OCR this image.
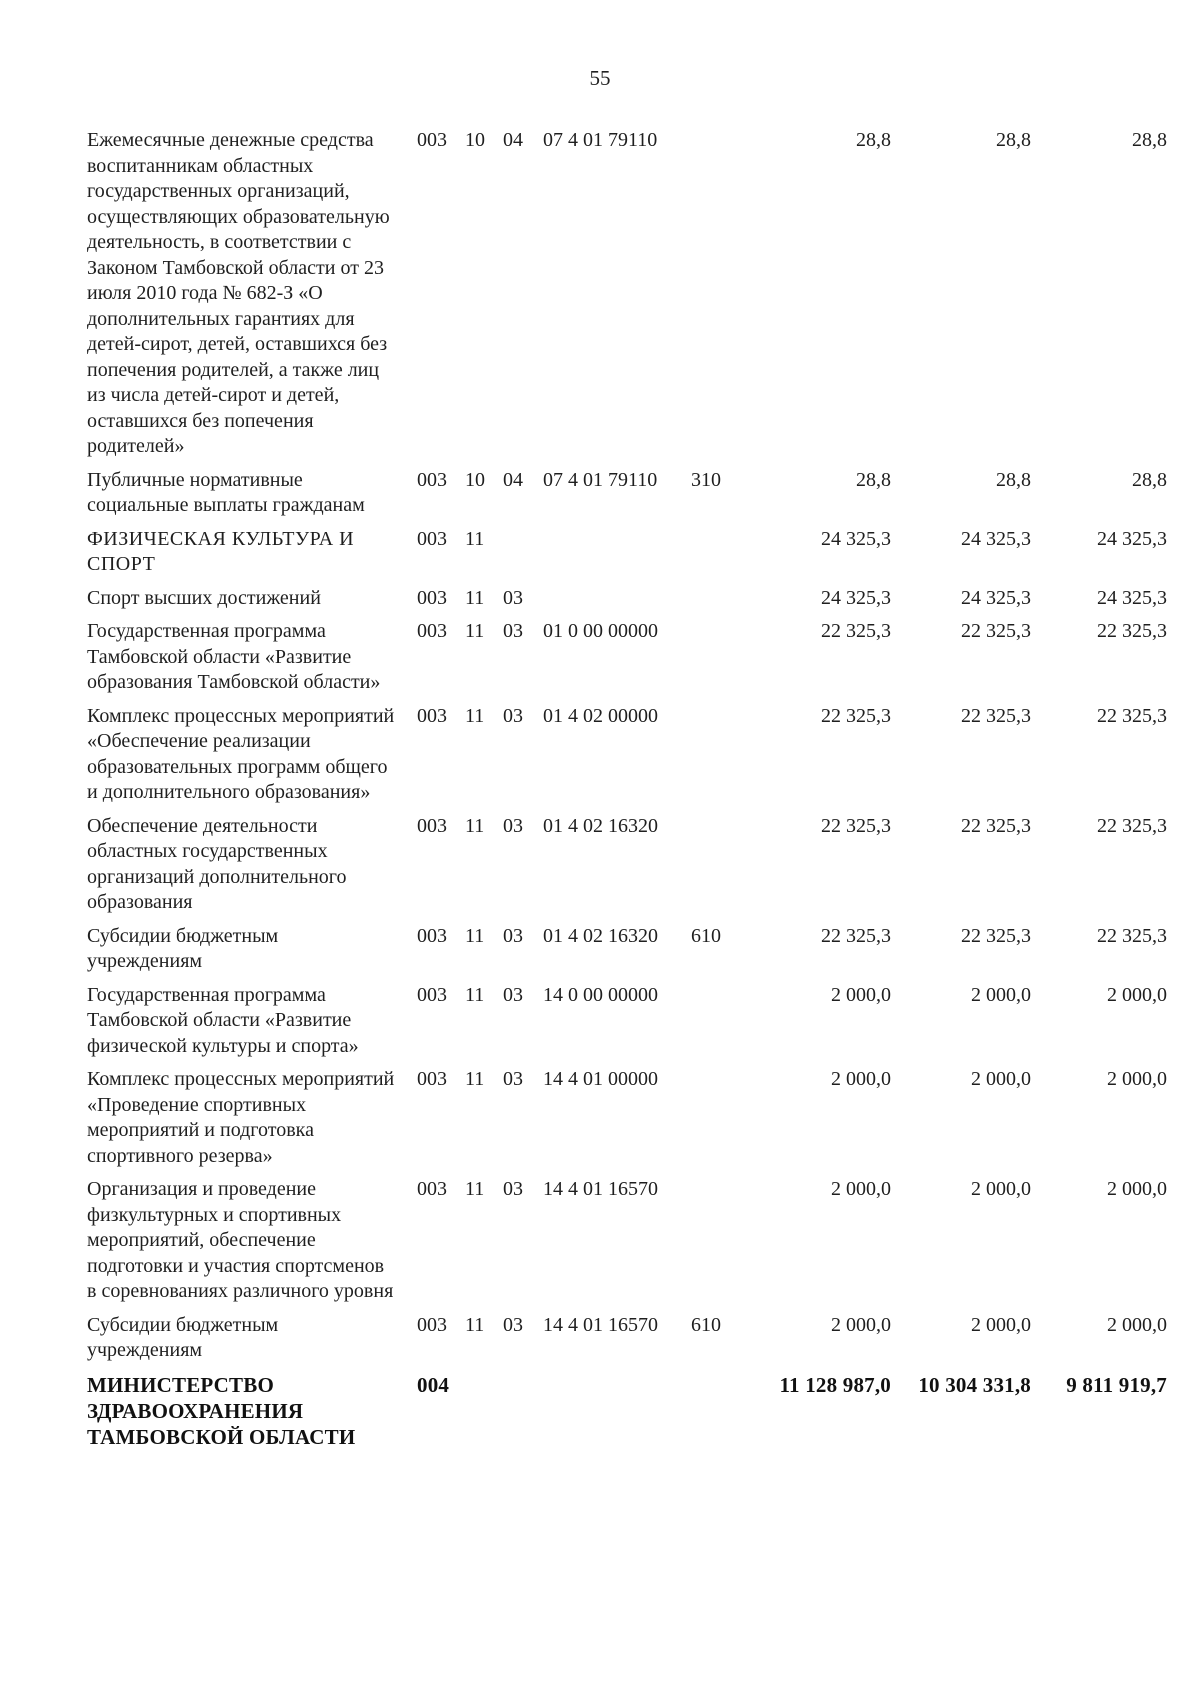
55
Ежемесячные денежные средства воспитанникам областных государственных организаций, осуществляющих образовательную деятельность, в соответствии с Законом Тамбовской области от 23 июля 2010 года № 682-З «О дополнительных гарантиях для детей-сирот, детей, оставшихся без попечения родителей, а также лиц из числа детей-сирот и детей, оставшихся без попечения родителей»	003	10	04	07 4 01 79110		28,8	28,8	28,8
Публичные нормативные социальные выплаты гражданам	003	10	04	07 4 01 79110	310	28,8	28,8	28,8
ФИЗИЧЕСКАЯ КУЛЬТУРА И СПОРТ	003	11				24 325,3	24 325,3	24 325,3
Спорт высших достижений	003	11	03			24 325,3	24 325,3	24 325,3
Государственная программа Тамбовской области «Развитие образования Тамбовской области»	003	11	03	01 0 00 00000		22 325,3	22 325,3	22 325,3
Комплекс процессных мероприятий «Обеспечение реализации образовательных программ общего и дополнительного образования»	003	11	03	01 4 02 00000		22 325,3	22 325,3	22 325,3
Обеспечение деятельности областных государственных организаций дополнительного образования	003	11	03	01 4 02 16320		22 325,3	22 325,3	22 325,3
Субсидии бюджетным учреждениям	003	11	03	01 4 02 16320	610	22 325,3	22 325,3	22 325,3
Государственная программа Тамбовской области «Развитие физической культуры и спорта»	003	11	03	14 0 00 00000		2 000,0	2 000,0	2 000,0
Комплекс процессных мероприятий «Проведение спортивных мероприятий и подготовка спортивного резерва»	003	11	03	14 4 01 00000		2 000,0	2 000,0	2 000,0
Организация и проведение физкультурных и спортивных мероприятий, обеспечение подготовки и участия спортсменов в соревнованиях различного уровня	003	11	03	14 4 01 16570		2 000,0	2 000,0	2 000,0
Субсидии бюджетным учреждениям	003	11	03	14 4 01 16570	610	2 000,0	2 000,0	2 000,0
МИНИСТЕРСТВО ЗДРАВООХРАНЕНИЯ ТАМБОВСКОЙ ОБЛАСТИ	004					11 128 987,0	10 304 331,8	9 811 919,7
